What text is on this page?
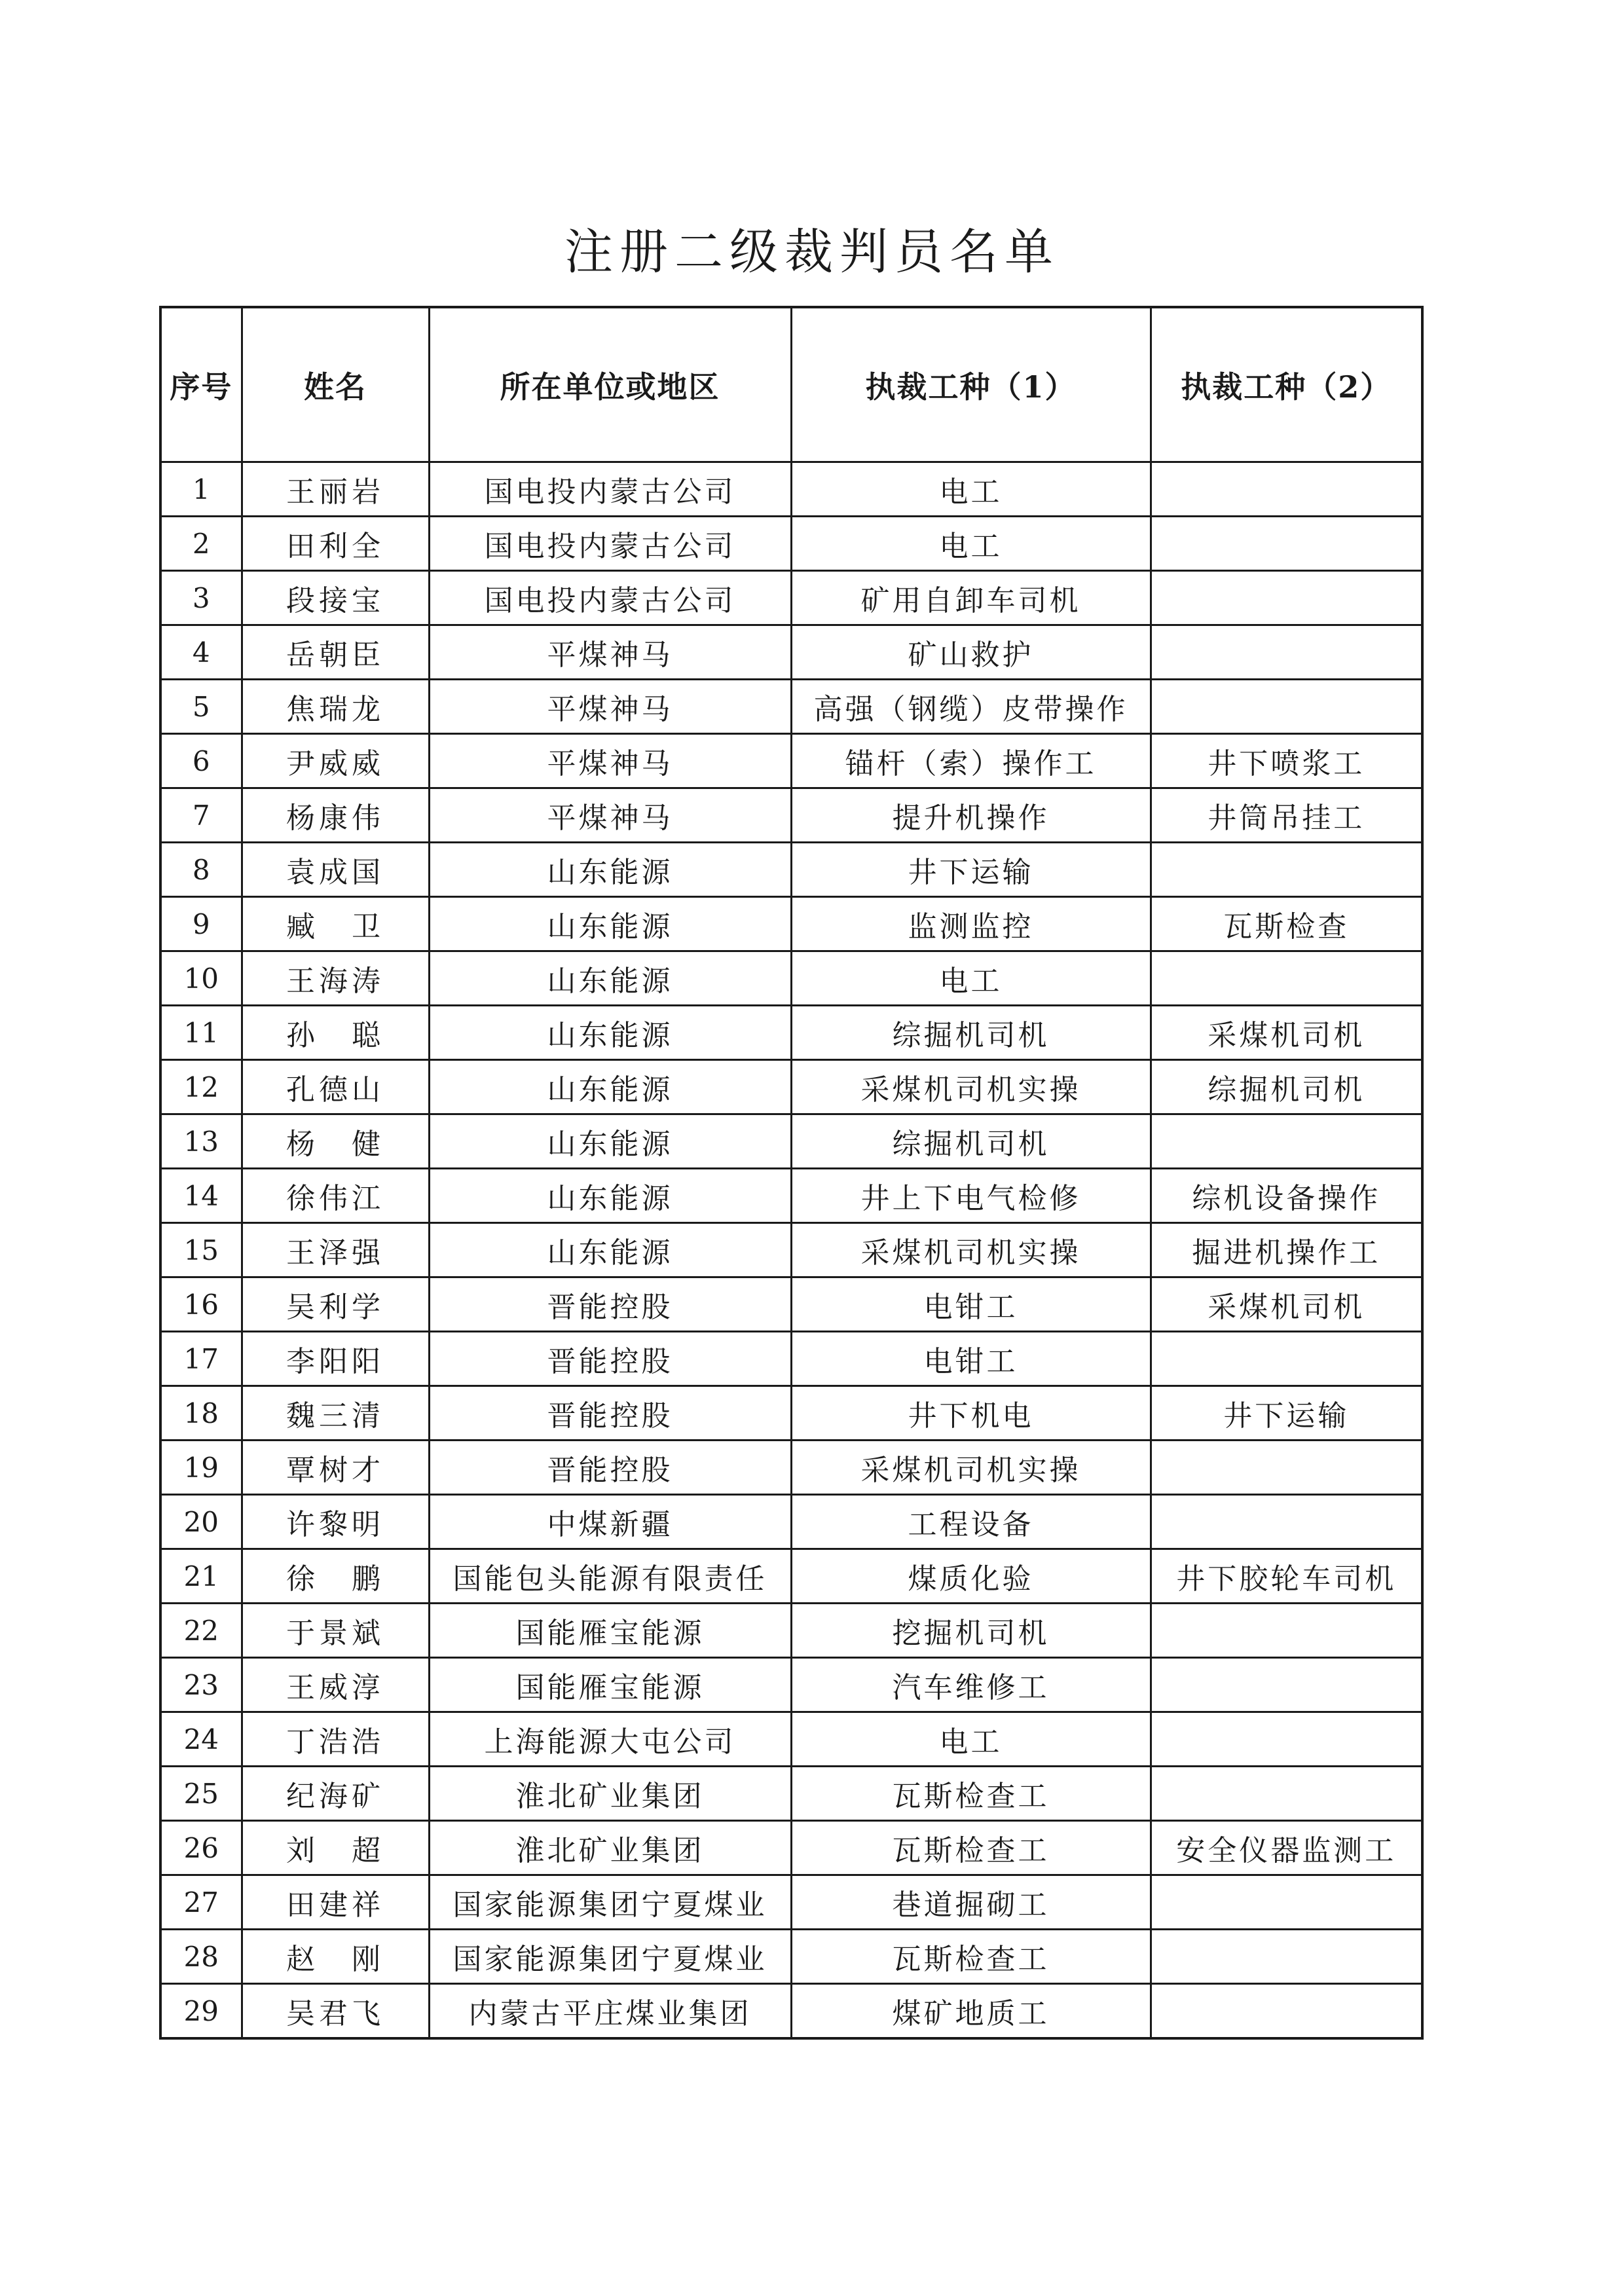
注册二级裁判员名单
序号	姓名	所在单位或地区	执裁工种（1）	执裁工种（2）
1	王丽岩	国电投内蒙古公司	电工	
2	田利全	国电投内蒙古公司	电工	
3	段接宝	国电投内蒙古公司	矿用自卸车司机	
4	岳朝臣	平煤神马	矿山救护	
5	焦瑞龙	平煤神马	高强（钢缆）皮带操作	
6	尹威威	平煤神马	锚杆（索）操作工	井下喷浆工
7	杨康伟	平煤神马	提升机操作	井筒吊挂工
8	袁成国	山东能源	井下运输	
9	臧　卫	山东能源	监测监控	瓦斯检查
10	王海涛	山东能源	电工	
11	孙　聪	山东能源	综掘机司机	采煤机司机
12	孔德山	山东能源	采煤机司机实操	综掘机司机
13	杨　健	山东能源	综掘机司机	
14	徐伟江	山东能源	井上下电气检修	综机设备操作
15	王泽强	山东能源	采煤机司机实操	掘进机操作工
16	吴利学	晋能控股	电钳工	采煤机司机
17	李阳阳	晋能控股	电钳工	
18	魏三清	晋能控股	井下机电	井下运输
19	覃树才	晋能控股	采煤机司机实操	
20	许黎明	中煤新疆	工程设备	
21	徐　鹏	国能包头能源有限责任	煤质化验	井下胶轮车司机
22	于景斌	国能雁宝能源	挖掘机司机	
23	王威淳	国能雁宝能源	汽车维修工	
24	丁浩浩	上海能源大屯公司	电工	
25	纪海矿	淮北矿业集团	瓦斯检查工	
26	刘　超	淮北矿业集团	瓦斯检查工	安全仪器监测工
27	田建祥	国家能源集团宁夏煤业	巷道掘砌工	
28	赵　刚	国家能源集团宁夏煤业	瓦斯检查工	
29	吴君飞	内蒙古平庄煤业集团	煤矿地质工	
